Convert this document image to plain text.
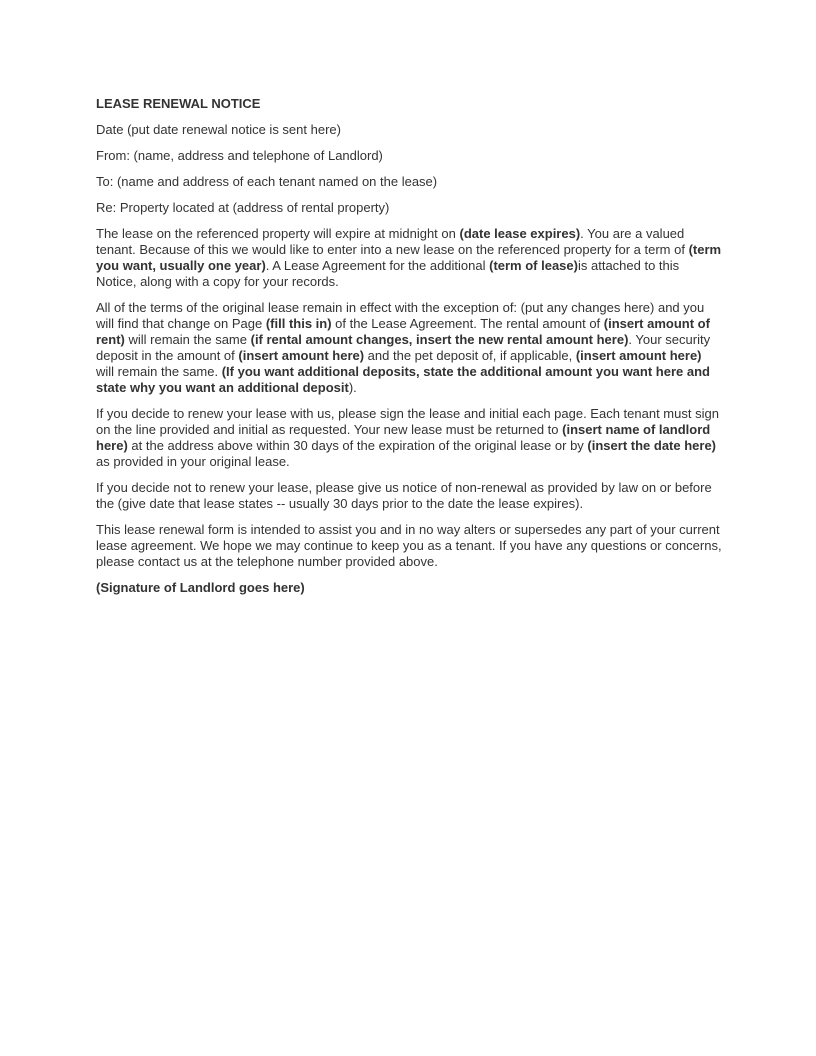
LEASE RENEWAL NOTICE
Date (put date renewal notice is sent here)
From: (name, address and telephone of Landlord)
To: (name and address of each tenant named on the lease)
Re: Property located at (address of rental property)
The lease on the referenced property will expire at midnight on (date lease expires). You are a valued tenant. Because of this we would like to enter into a new lease on the referenced property for a term of (term you want, usually one year). A Lease Agreement for the additional (term of lease)is attached to this Notice, along with a copy for your records.
All of the terms of the original lease remain in effect with the exception of: (put any changes here) and you will find that change on Page (fill this in) of the Lease Agreement. The rental amount of (insert amount of rent) will remain the same (if rental amount changes, insert the new rental amount here). Your security deposit in the amount of (insert amount here) and the pet deposit of, if applicable, (insert amount here) will remain the same. (If you want additional deposits, state the additional amount you want here and state why you want an additional deposit).
If you decide to renew your lease with us, please sign the lease and initial each page. Each tenant must sign on the line provided and initial as requested. Your new lease must be returned to (insert name of landlord here) at the address above within 30 days of the expiration of the original lease or by (insert the date here) as provided in your original lease.
If you decide not to renew your lease, please give us notice of non-renewal as provided by law on or before the (give date that lease states -- usually 30 days prior to the date the lease expires).
This lease renewal form is intended to assist you and in no way alters or supersedes any part of your current lease agreement. We hope we may continue to keep you as a tenant. If you have any questions or concerns, please contact us at the telephone number provided above.
(Signature of Landlord goes here)
